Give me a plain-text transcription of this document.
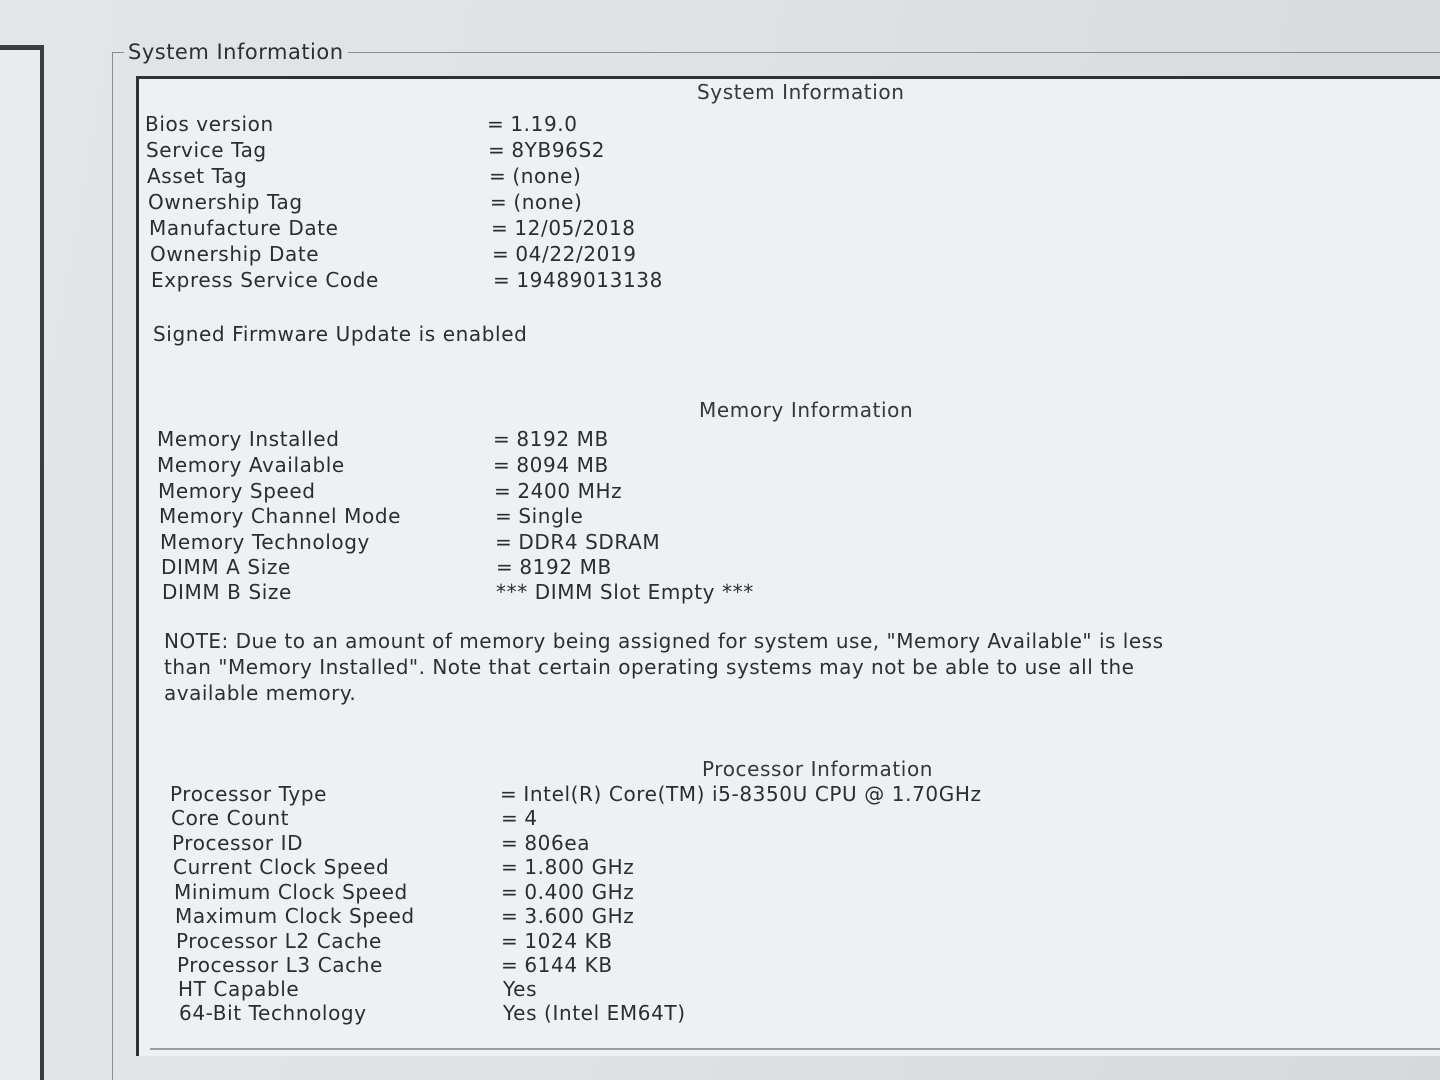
System Information
System Information
Bios version	= 1.19.0
Service Tag	= 8YB96S2
Asset Tag	= (none)
Ownership Tag	= (none)
Manufacture Date	= 12/05/2018
Ownership Date	= 04/22/2019
Express Service Code	= 19489013138
Signed Firmware Update is enabled
Memory Information
Memory Installed	= 8192 MB
Memory Available	= 8094 MB
Memory Speed	= 2400 MHz
Memory Channel Mode	= Single
Memory Technology	= DDR4 SDRAM
DIMM A Size	= 8192 MB
DIMM B Size	*** DIMM Slot Empty ***
NOTE: Due to an amount of memory being assigned for system use, "Memory Available" is less
than "Memory Installed". Note that certain operating systems may not be able to use all the
available memory.
Processor Information
Processor Type	= Intel(R) Core(TM) i5-8350U CPU @ 1.70GHz
Core Count	= 4
Processor ID	= 806ea
Current Clock Speed	= 1.800 GHz
Minimum Clock Speed	= 0.400 GHz
Maximum Clock Speed	= 3.600 GHz
Processor L2 Cache	= 1024 KB
Processor L3 Cache	= 6144 KB
HT Capable	Yes
64-Bit Technology	Yes (Intel EM64T)
